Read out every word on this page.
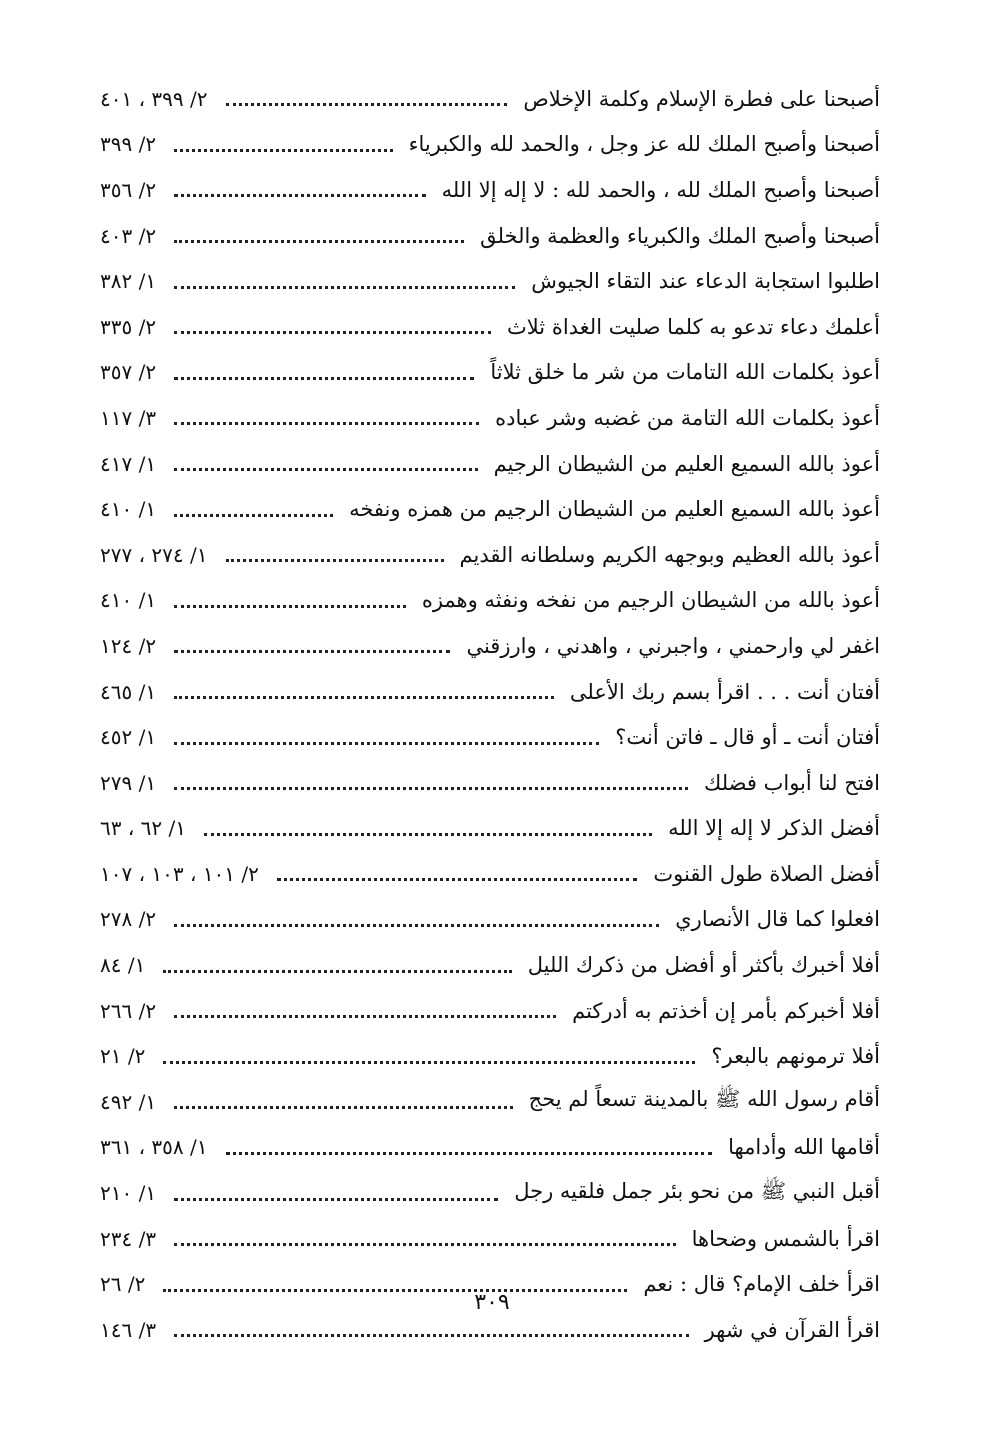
أصبحنا على فطرة الإسلام وكلمة الإخلاص
٢/ ٣٩٩ ، ٤٠١
أصبحنا وأصبح الملك لله عز وجل ، والحمد لله والكبرياء
٢/ ٣٩٩
أصبحنا وأصبح الملك لله ، والحمد لله : لا إله إلا الله
٢/ ٣٥٦
أصبحنا وأصبح الملك والكبرياء والعظمة والخلق
٢/ ٤٠٣
اطلبوا استجابة الدعاء عند التقاء الجيوش
١/ ٣٨٢
أعلمك دعاء تدعو به كلما صليت الغداة ثلاث
٢/ ٣٣٥
أعوذ بكلمات الله التامات من شر ما خلق ثلاثاً
٢/ ٣٥٧
أعوذ بكلمات الله التامة من غضبه وشر عباده
٣/ ١١٧
أعوذ بالله السميع العليم من الشيطان الرجيم
١/ ٤١٧
أعوذ بالله السميع العليم من الشيطان الرجيم من همزه ونفخه
١/ ٤١٠
أعوذ بالله العظيم وبوجهه الكريم وسلطانه القديم
١/ ٢٧٤ ، ٢٧٧
أعوذ بالله من الشيطان الرجيم من نفخه ونفثه وهمزه
١/ ٤١٠
اغفر لي وارحمني ، واجبرني ، واهدني ، وارزقني
٢/ ١٢٤
أفتان أنت . . . اقرأ بسم ربك الأعلى
١/ ٤٦٥
أفتان أنت ـ أو قال ـ فاتن أنت؟
١/ ٤٥٢
افتح لنا أبواب فضلك
١/ ٢٧٩
أفضل الذكر لا إله إلا الله
١/ ٦٢ ، ٦٣
أفضل الصلاة طول القنوت
٢/ ١٠١ ، ١٠٣ ، ١٠٧
افعلوا كما قال الأنصاري
٢/ ٢٧٨
أفلا أخبرك بأكثر أو أفضل من ذكرك الليل
١/ ٨٤
أفلا أخبركم بأمر إن أخذتم به أدركتم
٢/ ٢٦٦
أفلا ترمونهم بالبعر؟
٢/ ٢١
أقام رسول الله ﷺ بالمدينة تسعاً لم يحج
١/ ٤٩٢
أقامها الله وأدامها
١/ ٣٥٨ ، ٣٦١
أقبل النبي ﷺ من نحو بئر جمل فلقيه رجل
١/ ٢١٠
اقرأ بالشمس وضحاها
٣/ ٢٣٤
اقرأ خلف الإمام؟ قال : نعم
٢/ ٢٦
اقرأ القرآن في شهر
٣/ ١٤٦
٣٠٩
